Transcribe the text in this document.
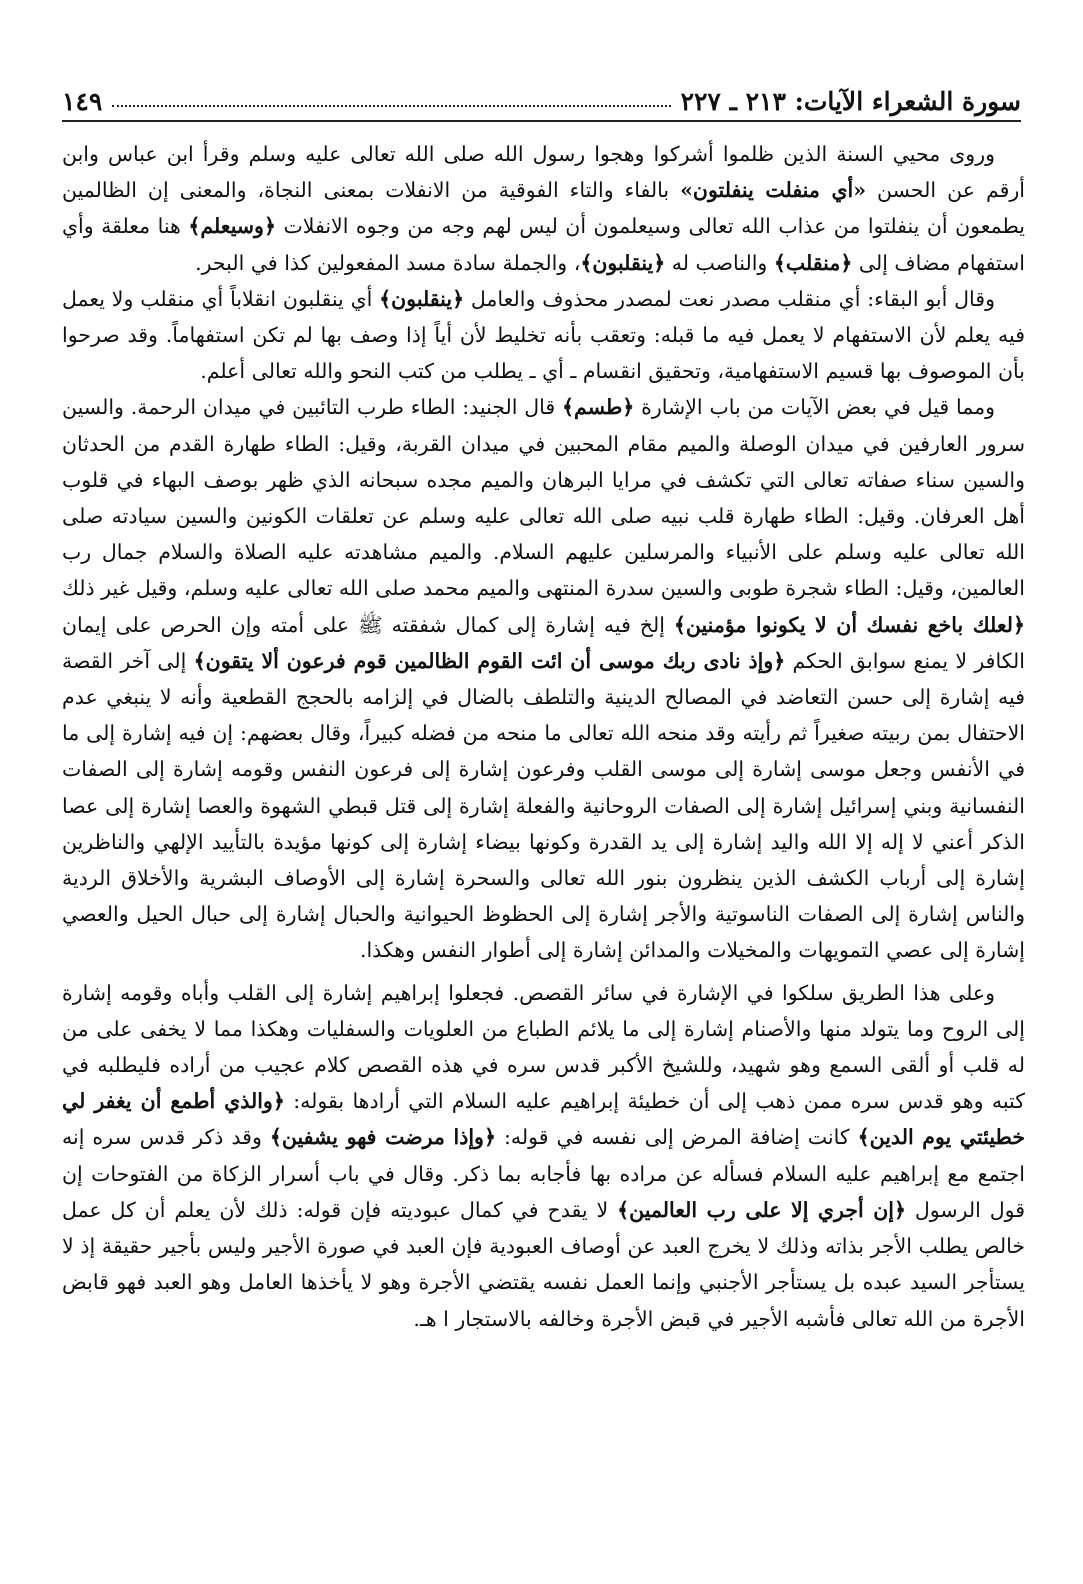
سورة الشعراء الآيات: ٢١٣ ـ ٢٢٧
١٤٩

وروى محيي السنة الذين ظلموا أشركوا وهجوا رسول الله صلى الله تعالى عليه وسلم وقرأ ابن عباس وابن أرقم عن الحسن «أي منفلت ينفلتون» بالفاء والتاء الفوقية من الانفلات بمعنى النجاة، والمعنى إن الظالمين يطمعون أن ينفلتوا من عذاب الله تعالى وسيعلمون أن ليس لهم وجه من وجوه الانفلات ﴿وسيعلم﴾ هنا معلقة وأي استفهام مضاف إلى ﴿منقلب﴾ والناصب له ﴿ينقلبون﴾، والجملة سادة مسد المفعولين كذا في البحر.

وقال أبو البقاء: أي منقلب مصدر نعت لمصدر محذوف والعامل ﴿ينقلبون﴾ أي ينقلبون انقلاباً أي منقلب ولا يعمل فيه يعلم لأن الاستفهام لا يعمل فيه ما قبله: وتعقب بأنه تخليط لأن أياً إذا وصف بها لم تكن استفهاماً. وقد صرحوا بأن الموصوف بها قسيم الاستفهامية، وتحقيق انقسام ـ أي ـ يطلب من كتب النحو والله تعالى أعلم.

ومما قيل في بعض الآيات من باب الإشارة ﴿طسم﴾ قال الجنيد: الطاء طرب التائبين في ميدان الرحمة. والسين سرور العارفين في ميدان الوصلة والميم مقام المحبين في ميدان القربة، وقيل: الطاء طهارة القدم من الحدثان والسين سناء صفاته تعالى التي تكشف في مرايا البرهان والميم مجده سبحانه الذي ظهر بوصف البهاء في قلوب أهل العرفان. وقيل: الطاء طهارة قلب نبيه صلى الله تعالى عليه وسلم عن تعلقات الكونين والسين سيادته صلى الله تعالى عليه وسلم على الأنبياء والمرسلين عليهم السلام. والميم مشاهدته عليه الصلاة والسلام جمال رب العالمين، وقيل: الطاء شجرة طوبى والسين سدرة المنتهى والميم محمد صلى الله تعالى عليه وسلم، وقيل غير ذلك ﴿لعلك باخع نفسك أن لا يكونوا مؤمنين﴾ إلخ فيه إشارة إلى كمال شفقته ﷺ على أمته وإن الحرص على إيمان الكافر لا يمنع سوابق الحكم ﴿وإذ نادى ربك موسى أن ائت القوم الظالمين قوم فرعون ألا يتقون﴾ إلى آخر القصة فيه إشارة إلى حسن التعاضد في المصالح الدينية والتلطف بالضال في إلزامه بالحجج القطعية وأنه لا ينبغي عدم الاحتفال بمن ربيته صغيراً ثم رأيته وقد منحه الله تعالى ما منحه من فضله كبيراً، وقال بعضهم: إن فيه إشارة إلى ما في الأنفس وجعل موسى إشارة إلى موسى القلب وفرعون إشارة إلى فرعون النفس وقومه إشارة إلى الصفات النفسانية وبني إسرائيل إشارة إلى الصفات الروحانية والفعلة إشارة إلى قتل قبطي الشهوة والعصا إشارة إلى عصا الذكر أعني لا إله إلا الله واليد إشارة إلى يد القدرة وكونها بيضاء إشارة إلى كونها مؤيدة بالتأييد الإلهي والناظرين إشارة إلى أرباب الكشف الذين ينظرون بنور الله تعالى والسحرة إشارة إلى الأوصاف البشرية والأخلاق الردية والناس إشارة إلى الصفات الناسوتية والأجر إشارة إلى الحظوظ الحيوانية والحبال إشارة إلى حبال الحيل والعصي إشارة إلى عصي التمويهات والمخيلات والمدائن إشارة إلى أطوار النفس وهكذا.

وعلى هذا الطريق سلكوا في الإشارة في سائر القصص. فجعلوا إبراهيم إشارة إلى القلب وأباه وقومه إشارة إلى الروح وما يتولد منها والأصنام إشارة إلى ما يلائم الطباع من العلويات والسفليات وهكذا مما لا يخفى على من له قلب أو ألقى السمع وهو شهيد، وللشيخ الأكبر قدس سره في هذه القصص كلام عجيب من أراده فليطلبه في كتبه وهو قدس سره ممن ذهب إلى أن خطيئة إبراهيم عليه السلام التي أرادها بقوله: ﴿والذي أطمع أن يغفر لي خطيئتي يوم الدين﴾ كانت إضافة المرض إلى نفسه في قوله: ﴿وإذا مرضت فهو يشفين﴾ وقد ذكر قدس سره إنه اجتمع مع إبراهيم عليه السلام فسأله عن مراده بها فأجابه بما ذكر. وقال في باب أسرار الزكاة من الفتوحات إن قول الرسول ﴿إن أجري إلا على رب العالمين﴾ لا يقدح في كمال عبوديته فإن قوله: ذلك لأن يعلم أن كل عمل خالص يطلب الأجر بذاته وذلك لا يخرج العبد عن أوصاف العبودية فإن العبد في صورة الأجير وليس بأجير حقيقة إذ لا يستأجر السيد عبده بل يستأجر الأجنبي وإنما العمل نفسه يقتضي الأجرة وهو لا يأخذها العامل وهو العبد فهو قابض الأجرة من الله تعالى فأشبه الأجير في قبض الأجرة وخالفه بالاستجار ا هـ.
